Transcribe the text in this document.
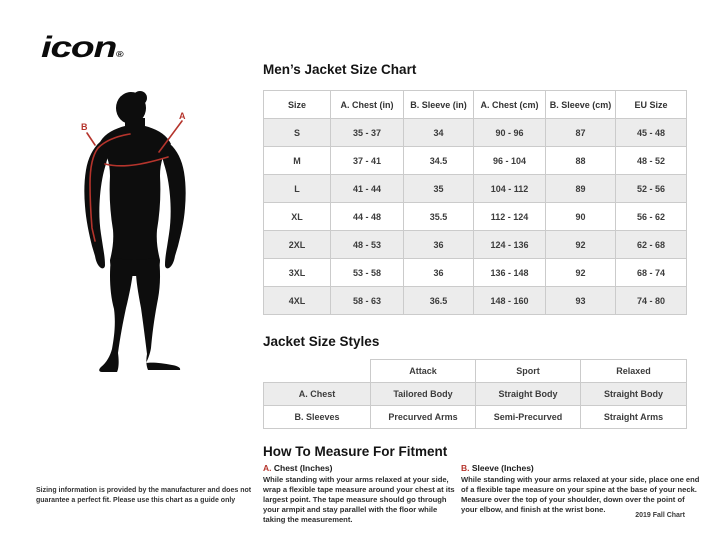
icon®
A
B
Men’s Jacket Size Chart
Size	A. Chest (in)	B. Sleeve (in)	A. Chest (cm)	B. Sleeve (cm)	EU Size
S	35 - 37	34	90 - 96	87	45 - 48
M	37 - 41	34.5	96 - 104	88	48 - 52
L	41 - 44	35	104 - 112	89	52 - 56
XL	44 - 48	35.5	112 - 124	90	56 - 62
2XL	48 - 53	36	124 - 136	92	62 - 68
3XL	53 - 58	36	136 - 148	92	68 - 74
4XL	58 - 63	36.5	148 - 160	93	74 - 80
Jacket Size Styles
	Attack	Sport	Relaxed
A. Chest	Tailored Body	Straight Body	Straight Body
B. Sleeves	Precurved Arms	Semi-Precurved	Straight Arms
How To Measure For Fitment
A. Chest (Inches)
While standing with your arms relaxed at your side, wrap a flexible tape measure around your chest at its largest point. The tape measure should go through your armpit and stay parallel with the floor while taking the measurement.
B. Sleeve (Inches)
While standing with your arms relaxed at your side, place one end of a flexible tape measure on your spine at the base of your neck. Measure over the top of your shoulder, down over the point of your elbow, and finish at the wrist bone.
Sizing information is provided by the manufacturer and does not guarantee a perfect fit. Please use this chart as a guide only
2019 Fall Chart
